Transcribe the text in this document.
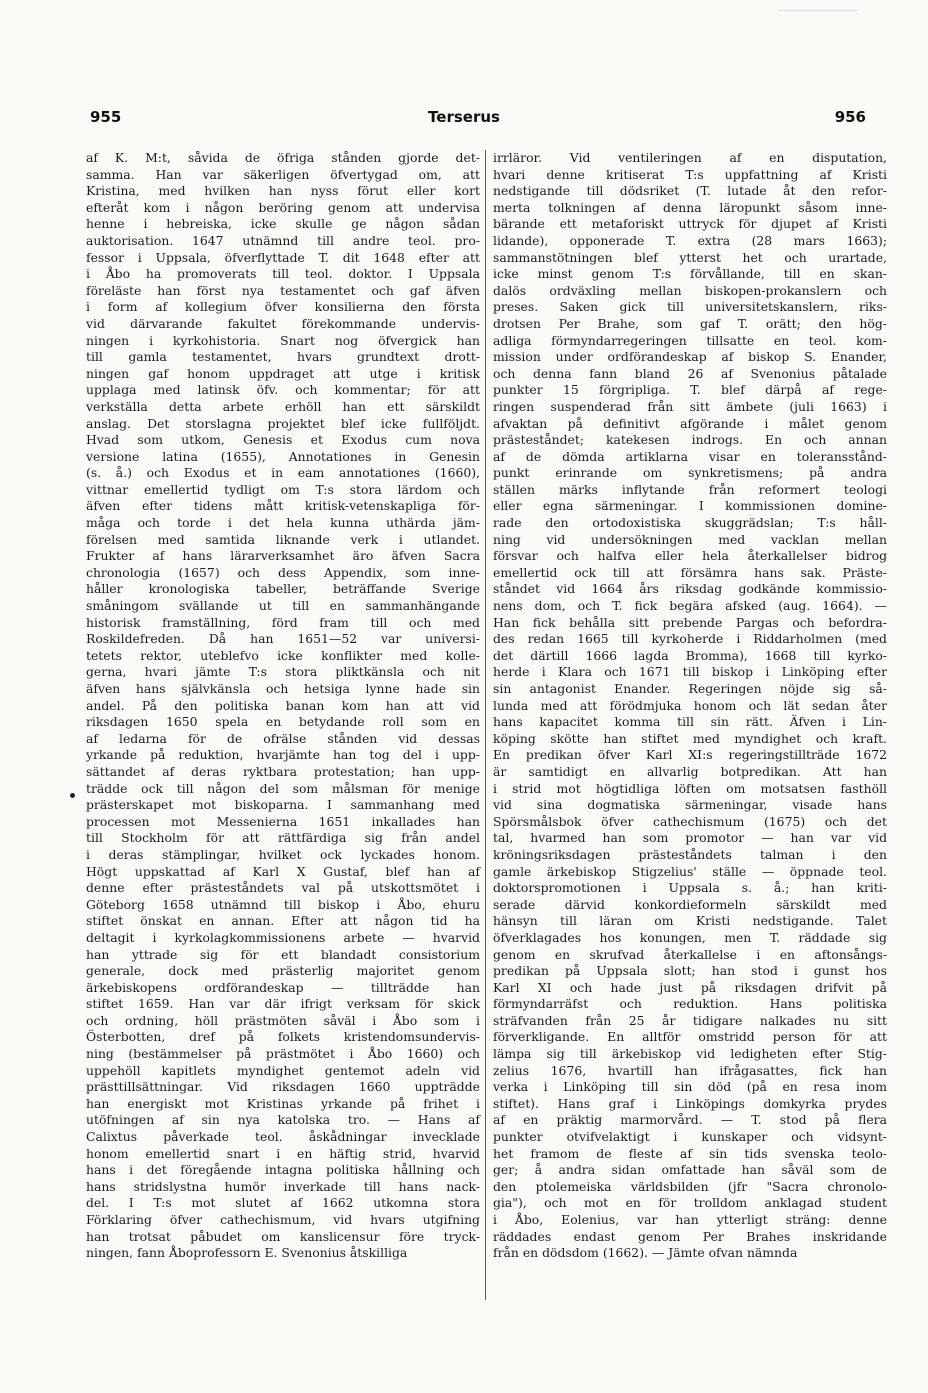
955	Terserus	956
af K. M:t, såvida de öfriga stånden gjorde det-
samma. Han var säkerligen öfvertygad om, att
Kristina, med hvilken han nyss förut eller kort
efteråt kom i någon beröring genom att undervisa
henne i hebreiska, icke skulle ge någon sådan
auktorisation. 1647 utnämnd till andre teol. pro-
fessor i Uppsala, öfverflyttade T. dit 1648 efter att
i Åbo ha promoverats till teol. doktor. I Uppsala
föreläste han först nya testamentet och gaf äfven
i form af kollegium öfver konsilierna den första
vid därvarande fakultet förekommande undervis-
ningen i kyrkohistoria. Snart nog öfvergick han
till gamla testamentet, hvars grundtext drott-
ningen gaf honom uppdraget att utge i kritisk
upplaga med latinsk öfv. och kommentar; för att
verkställa detta arbete erhöll han ett särskildt
anslag. Det storslagna projektet blef icke fullföljdt.
Hvad som utkom, Genesis et Exodus cum nova
versione latina (1655), Annotationes in Genesin
(s. å.) och Exodus et in eam annotationes (1660),
vittnar emellertid tydligt om T:s stora lärdom och
äfven efter tidens mått kritisk-vetenskapliga för-
måga och torde i det hela kunna uthärda jäm-
förelsen med samtida liknande verk i utlandet.
Frukter af hans lärarverksamhet äro äfven Sacra
chronologia (1657) och dess Appendix, som inne-
håller kronologiska tabeller, beträffande Sverige
småningom svällande ut till en sammanhängande
historisk framställning, förd fram till och med
Roskildefreden. Då han 1651—52 var universi-
tetets rektor, uteblefvo icke konflikter med kolle-
gerna, hvari jämte T:s stora pliktkänsla och nit
äfven hans självkänsla och hetsiga lynne hade sin
andel. På den politiska banan kom han att vid
riksdagen 1650 spela en betydande roll som en
af ledarna för de ofrälse stånden vid dessas
yrkande på reduktion, hvarjämte han tog del i upp-
sättandet af deras ryktbara protestation; han upp-
trädde ock till någon del som målsman för menige
prästerskapet mot biskoparna. I sammanhang med
processen mot Messenierna 1651 inkallades han
till Stockholm för att rättfärdiga sig från andel
i deras stämplingar, hvilket ock lyckades honom.
Högt uppskattad af Karl X Gustaf, blef han af
denne efter prästeståndets val på utskottsmötet i
Göteborg 1658 utnämnd till biskop i Åbo, ehuru
stiftet önskat en annan. Efter att någon tid ha
deltagit i kyrkolagkommissionens arbete — hvarvid
han yttrade sig för ett blandadt consistorium
generale, dock med prästerlig majoritet genom
ärkebiskopens ordförandeskap — tillträdde han
stiftet 1659. Han var där ifrigt verksam för skick
och ordning, höll prästmöten såväl i Åbo som i
Österbotten, dref på folkets kristendomsundervis-
ning (bestämmelser på prästmötet i Åbo 1660) och
uppehöll kapitlets myndighet gentemot adeln vid
prästtillsättningar. Vid riksdagen 1660 uppträdde
han energiskt mot Kristinas yrkande på frihet i
utöfningen af sin nya katolska tro. — Hans af
Calixtus påverkade teol. åskådningar invecklade
honom emellertid snart i en häftig strid, hvarvid
hans i det föregående intagna politiska hållning och
hans stridslystna humör inverkade till hans nack-
del. I T:s mot slutet af 1662 utkomna stora
Förklaring öfver cathechismum, vid hvars utgifning
han trotsat påbudet om kanslicensur före tryck-
ningen, fann Åboprofessorn E. Svenonius åtskilliga
irrläror. Vid ventileringen af en disputation,
hvari denne kritiserat T:s uppfattning af Kristi
nedstigande till dödsriket (T. lutade åt den refor-
merta tolkningen af denna läropunkt såsom inne-
bärande ett metaforiskt uttryck för djupet af Kristi
lidande), opponerade T. extra (28 mars 1663);
sammanstötningen blef ytterst het och urartade,
icke minst genom T:s förvållande, till en skan-
dalös ordväxling mellan biskopen-prokanslern och
preses. Saken gick till universitetskanslern, riks-
drotsen Per Brahe, som gaf T. orätt; den hög-
adliga förmyndarregeringen tillsatte en teol. kom-
mission under ordförandeskap af biskop S. Enander,
och denna fann bland 26 af Svenonius påtalade
punkter 15 förgripliga. T. blef därpå af rege-
ringen suspenderad från sitt ämbete (juli 1663) i
afvaktan på definitivt afgörande i målet genom
prästeståndet; katekesen indrogs. En och annan
af de dömda artiklarna visar en toleransstånd-
punkt erinrande om synkretismens; på andra
ställen märks inflytande från reformert teologi
eller egna särmeningar. I kommissionen domine-
rade den ortodoxistiska skuggrädslan; T:s håll-
ning vid undersökningen med vacklan mellan
försvar och halfva eller hela återkallelser bidrog
emellertid ock till att försämra hans sak. Präste-
ståndet vid 1664 års riksdag godkände kommissio-
nens dom, och T. fick begära afsked (aug. 1664). —
Han fick behålla sitt prebende Pargas och befordra-
des redan 1665 till kyrkoherde i Riddarholmen (med
det därtill 1666 lagda Bromma), 1668 till kyrko-
herde i Klara och 1671 till biskop i Linköping efter
sin antagonist Enander. Regeringen nöjde sig så-
lunda med att förödmjuka honom och lät sedan åter
hans kapacitet komma till sin rätt. Äfven i Lin-
köping skötte han stiftet med myndighet och kraft.
En predikan öfver Karl XI:s regeringstillträde 1672
är samtidigt en allvarlig botpredikan. Att han
i strid mot högtidliga löften om motsatsen fasthöll
vid sina dogmatiska särmeningar, visade hans
Spörsmålsbok öfver cathechismum (1675) och det
tal, hvarmed han som promotor — han var vid
kröningsriksdagen prästeståndets talman i den
gamle ärkebiskop Stigzelius' ställe — öppnade teol.
doktorspromotionen i Uppsala s. å.; han kriti-
serade därvid konkordieformeln särskildt med
hänsyn till läran om Kristi nedstigande. Talet
öfverklagades hos konungen, men T. räddade sig
genom en skrufvad återkallelse i en aftonsångs-
predikan på Uppsala slott; han stod i gunst hos
Karl XI och hade just på riksdagen drifvit på
förmyndarräfst och reduktion. Hans politiska
sträfvanden från 25 år tidigare nalkades nu sitt
förverkligande. En alltför omstridd person för att
lämpa sig till ärkebiskop vid ledigheten efter Stig-
zelius 1676, hvartill han ifrågasattes, fick han
verka i Linköping till sin död (på en resa inom
stiftet). Hans graf i Linköpings domkyrka prydes
af en präktig marmorvård. — T. stod på flera
punkter otvifvelaktigt i kunskaper och vidsynt-
het framom de fleste af sin tids svenska teolo-
ger; å andra sidan omfattade han såväl som de
den ptolemeiska världsbilden (jfr "Sacra chronolo-
gia"), och mot en för trolldom anklagad student
i Åbo, Eolenius, var han ytterligt sträng: denne
räddades endast genom Per Brahes inskridande
från en dödsdom (1662). — Jämte ofvan nämnda
